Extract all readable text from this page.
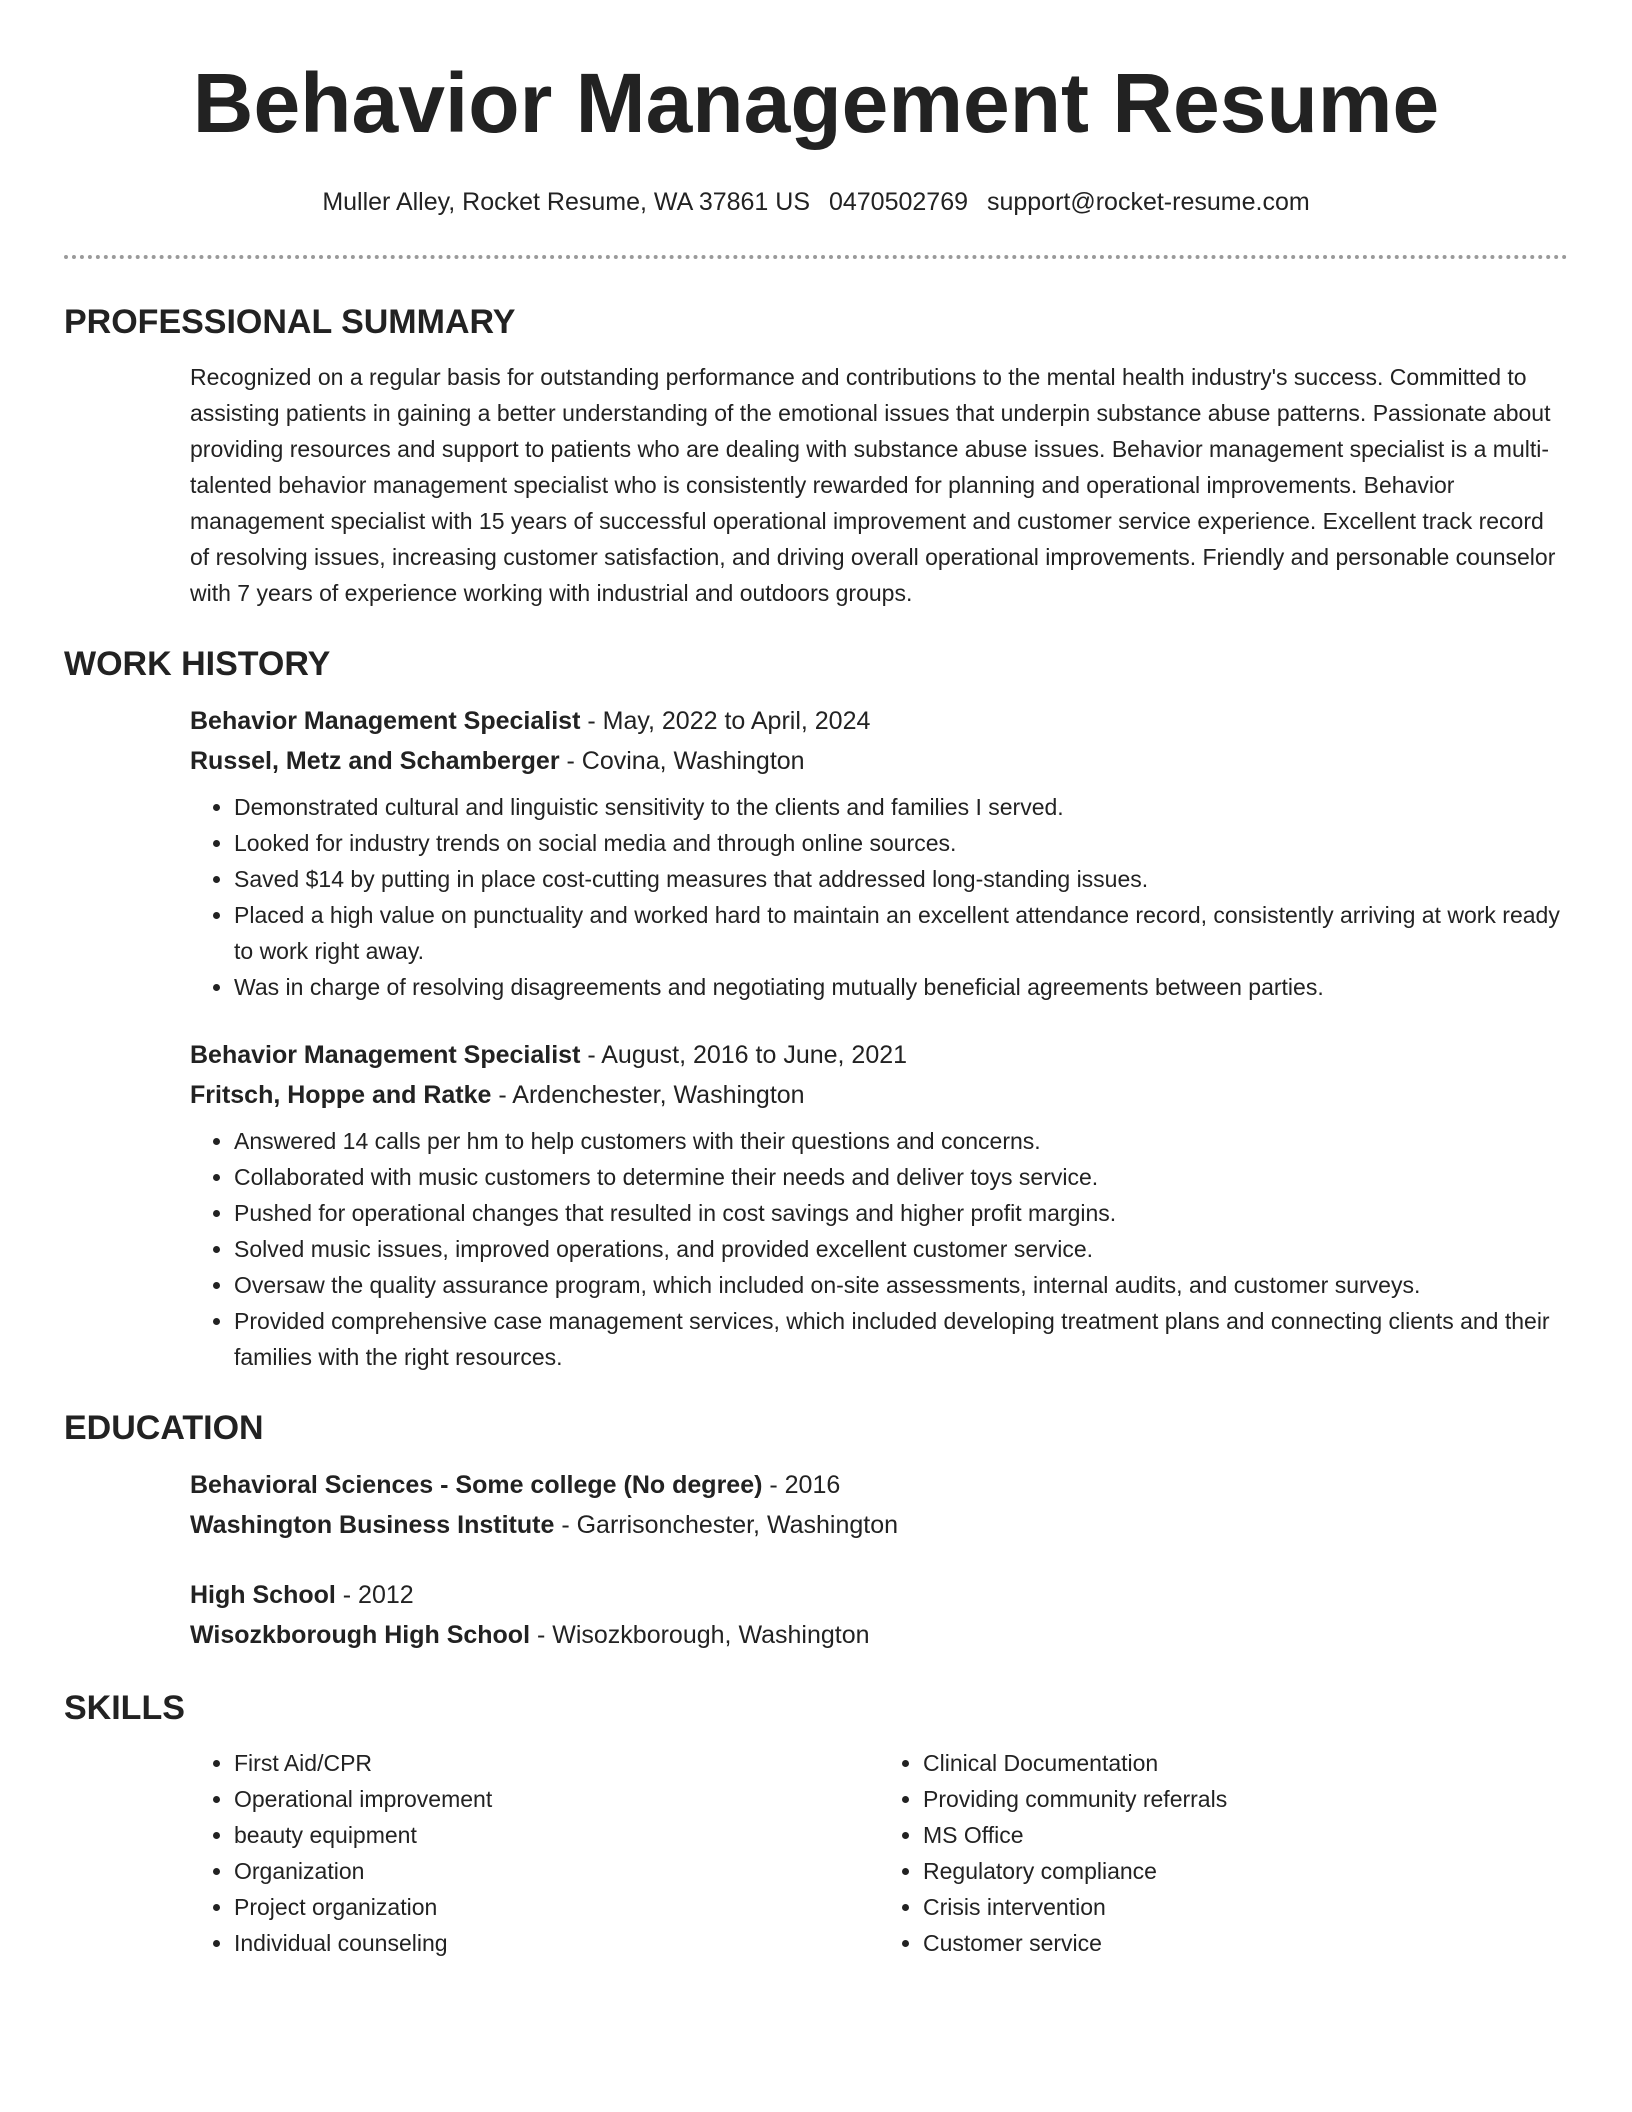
Behavior Management Resume
Muller Alley, Rocket Resume, WA 37861 US 0470502769 support@rocket-resume.com
PROFESSIONAL SUMMARY

Recognized on a regular basis for outstanding performance and contributions to the mental health industry's success. Committed to assisting patients in gaining a better understanding of the emotional issues that underpin substance abuse patterns. Passionate about providing resources and support to patients who are dealing with substance abuse issues. Behavior management specialist is a multi-talented behavior management specialist who is consistently rewarded for planning and operational improvements. Behavior management specialist with 15 years of successful operational improvement and customer service experience. Excellent track record of resolving issues, increasing customer satisfaction, and driving overall operational improvements. Friendly and personable counselor with 7 years of experience working with industrial and outdoors groups.

WORK HISTORY

Behavior Management Specialist - May, 2022 to April, 2024

Russel, Metz and Schamberger - Covina, Washington

• Demonstrated cultural and linguistic sensitivity to the clients and families I served.
• Looked for industry trends on social media and through online sources.
• Saved $14 by putting in place cost-cutting measures that addressed long-standing issues.
• Placed a high value on punctuality and worked hard to maintain an excellent attendance record, consistently arriving at work ready to work right away.
• Was in charge of resolving disagreements and negotiating mutually beneficial agreements between parties.

Behavior Management Specialist - August, 2016 to June, 2021

Fritsch, Hoppe and Ratke - Ardenchester, Washington

• Answered 14 calls per hm to help customers with their questions and concerns.
• Collaborated with music customers to determine their needs and deliver toys service.
• Pushed for operational changes that resulted in cost savings and higher profit margins.
• Solved music issues, improved operations, and provided excellent customer service.
• Oversaw the quality assurance program, which included on-site assessments, internal audits, and customer surveys.
• Provided comprehensive case management services, which included developing treatment plans and connecting clients and their families with the right resources.
EDUCATION

Behavioral Sciences - Some college (No degree) - 2016

Washington Business Institute - Garrisonchester, Washington

High School - 2012

Wisozkborough High School - Wisozkborough, Washington

SKILLS
• First Aid/CPR
• Operational improvement
• beauty equipment
• Organization
• Project organization
• Individual counseling
• Clinical Documentation
• Providing community referrals
• MS Office
• Regulatory compliance
• Crisis intervention
• Customer service
